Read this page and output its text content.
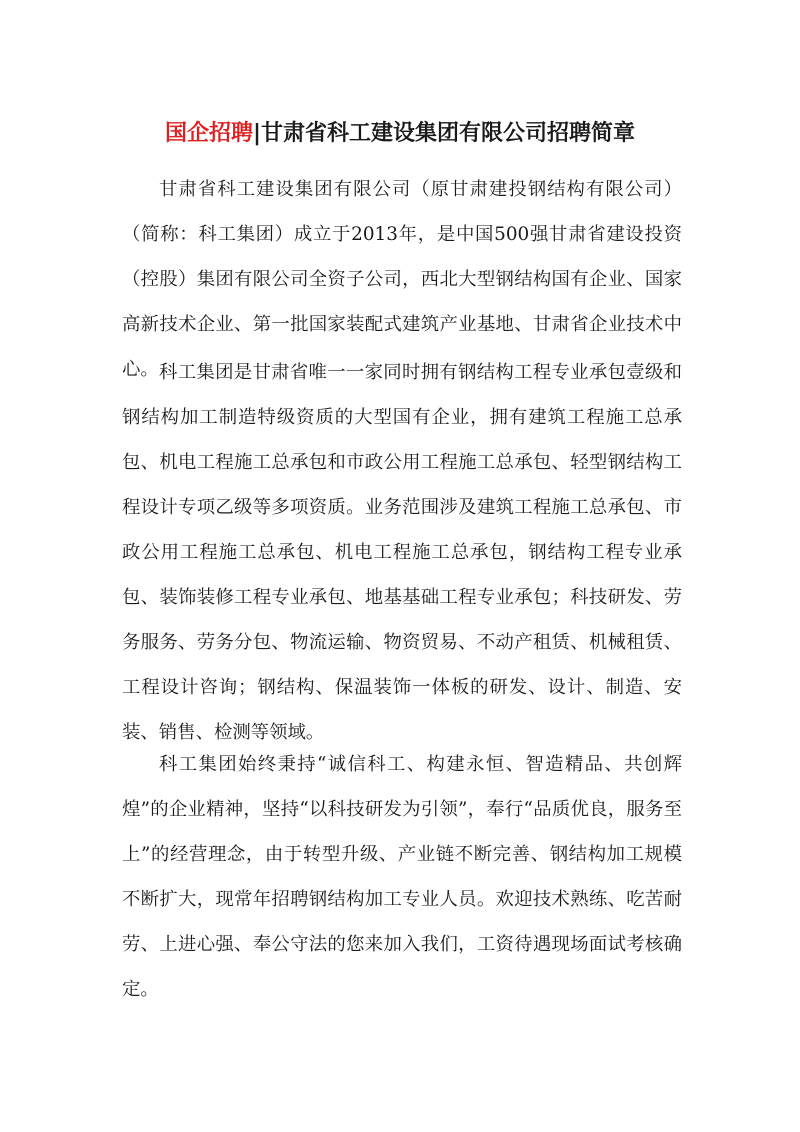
国企招聘|甘肃省科工建设集团有限公司招聘简章

甘肃省科工建设集团有限公司（原甘肃建投钢结构有限公司）（简称：科工集团）成立于2013年，是中国500强甘肃省建设投资（控股）集团有限公司全资子公司，西北大型钢结构国有企业、国家高新技术企业、第一批国家装配式建筑产业基地、甘肃省企业技术中心。 科工集团是甘肃省唯一一家同时拥有钢结构工程专业承包壹级和钢结构加工制造特级资质的大型国有企业，拥有建筑工程施工总承包、机电工程施工总承包和市政公用工程施工总承包、轻型钢结构工程设计专项乙级等多项资质。业务范围涉及建筑工程施工总承包、市政公用工程施工总承包、机电工程施工总承包，钢结构工程专业承包、装饰装修工程专业承包、地基基础工程专业承包；科技研发、劳务服务、劳务分包、物流运输、物资贸易、不动产租赁、机械租赁、工程设计咨询；钢结构、保温装饰一体板的研发、设计、制造、安装、销售、检测等领域。

科工集团始终秉持“诚信科工、构建永恒、智造精品、共创辉煌”的企业精神，坚持“以科技研发为引领”，奉行“品质优良，服务至上”的经营理念，由于转型升级、产业链不断完善、钢结构加工规模不断扩大，现常年招聘钢结构加工专业人员。欢迎技术熟练、吃苦耐劳、上进心强、奉公守法的您来加入我们，工资待遇现场面试考核确定。
